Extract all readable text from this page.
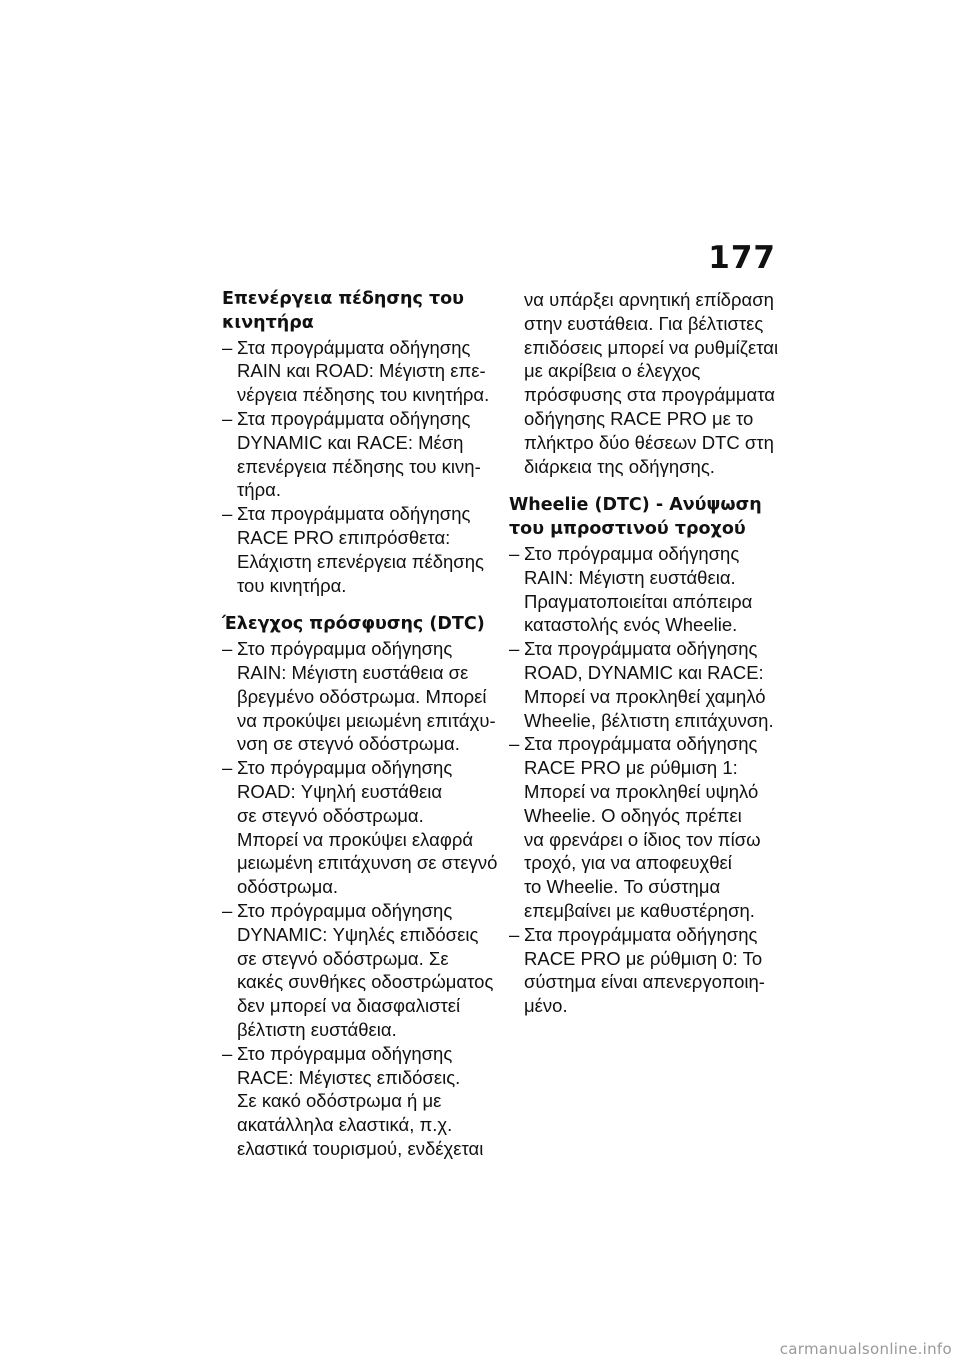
177
Επενέργεια πέδησης του
κινητήρα
– Στα προγράμματα οδήγησης
RAIN και ROAD: Μέγιστη επε-
νέργεια πέδησης του κινητήρα.
– Στα προγράμματα οδήγησης
DYNAMIC και RACE: Μέση
επενέργεια πέδησης του κινη-
τήρα.
– Στα προγράμματα οδήγησης
RACE PRO επιπρόσθετα:
Ελάχιστη επενέργεια πέδησης
του κινητήρα.
Έλεγχος πρόσφυσης (DTC)
– Στο πρόγραμμα οδήγησης
RAIN: Μέγιστη ευστάθεια σε
βρεγμένο οδόστρωμα. Μπορεί
να προκύψει μειωμένη επιτάχυ-
νση σε στεγνό οδόστρωμα.
– Στο πρόγραμμα οδήγησης
ROAD: Υψηλή ευστάθεια
σε στεγνό οδόστρωμα.
Μπορεί να προκύψει ελαφρά
μειωμένη επιτάχυνση σε στεγνό
οδόστρωμα.
– Στο πρόγραμμα οδήγησης
DYNAMIC: Υψηλές επιδόσεις
σε στεγνό οδόστρωμα. Σε
κακές συνθήκες οδοστρώματος
δεν μπορεί να διασφαλιστεί
βέλτιστη ευστάθεια.
– Στο πρόγραμμα οδήγησης
RACE: Μέγιστες επιδόσεις.
Σε κακό οδόστρωμα ή με
ακατάλληλα ελαστικά, π.χ.
ελαστικά τουρισμού, ενδέχεται
να υπάρξει αρνητική επίδραση
στην ευστάθεια. Για βέλτιστες
επιδόσεις μπορεί να ρυθμίζεται
με ακρίβεια ο έλεγχος
πρόσφυσης στα προγράμματα
οδήγησης RACE PRO με το
πλήκτρο δύο θέσεων DTC στη
διάρκεια της οδήγησης.
Wheelie (DTC) - Ανύψωση
του μπροστινού τροχού
– Στο πρόγραμμα οδήγησης
RAIN: Μέγιστη ευστάθεια.
Πραγματοποιείται απόπειρα
καταστολής ενός Wheelie.
– Στα προγράμματα οδήγησης
ROAD, DYNAMIC και RACE:
Μπορεί να προκληθεί χαμηλό
Wheelie, βέλτιστη επιτάχυνση.
– Στα προγράμματα οδήγησης
RACE PRO με ρύθμιση 1:
Μπορεί να προκληθεί υψηλό
Wheelie. Ο οδηγός πρέπει
να φρενάρει ο ίδιος τον πίσω
τροχό, για να αποφευχθεί
το Wheelie. Το σύστημα
επεμβαίνει με καθυστέρηση.
– Στα προγράμματα οδήγησης
RACE PRO με ρύθμιση 0: Το
σύστημα είναι απενεργοποιη-
μένο.
carmanualsonline.info
